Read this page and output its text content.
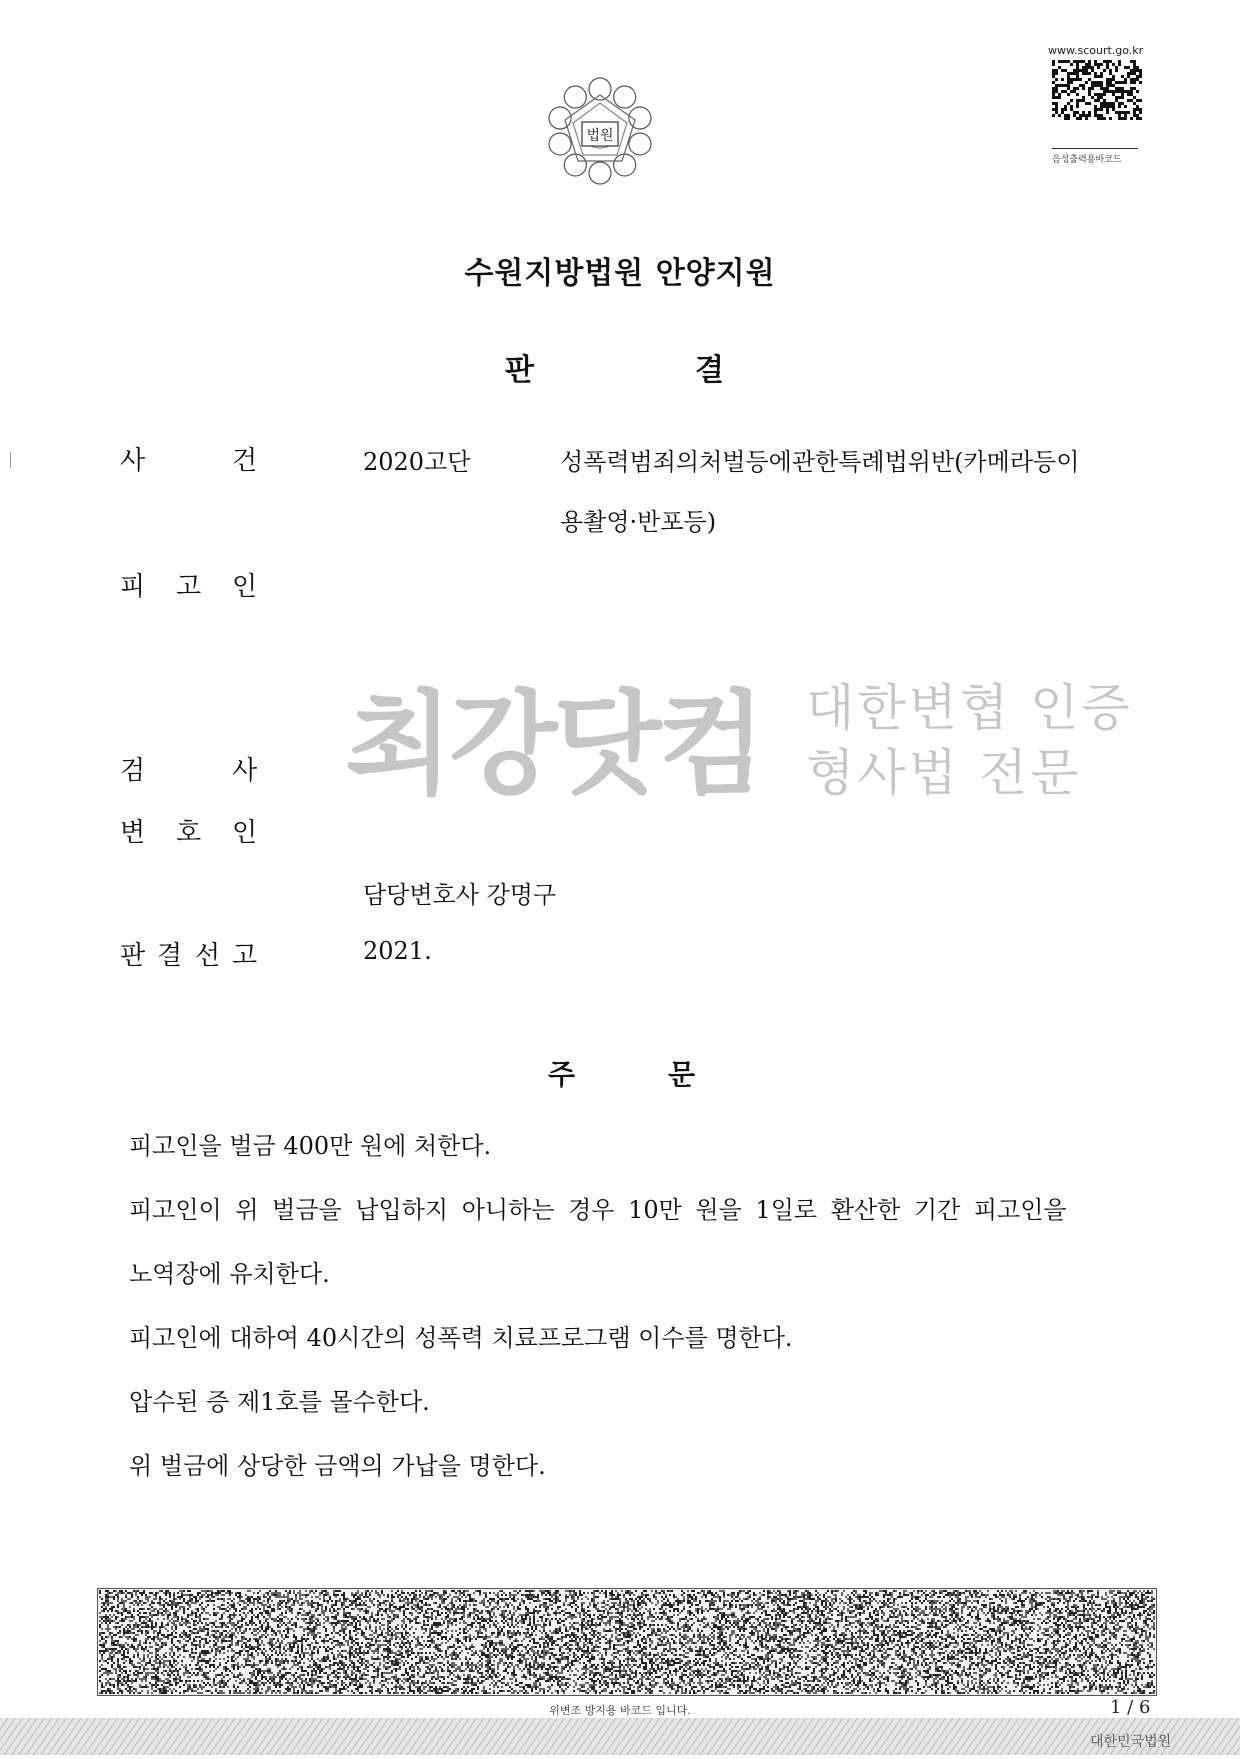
법원
www.scourt.go.kr
음성출력용바코드
수원지방법원 안양지원
판	결
사	건	2020고단	성폭력범죄의처벌등에관한특례법위반(카메라등이
용촬영·반포등)
피 고 인
최강닷컴 대한변협 인증
형사법 전문
검	사
변 호 인
담당변호사 강명구
판 결 선 고	2021.
주	문
피고인을 벌금 400만 원에 처한다.
피고인이 위 벌금을 납입하지 아니하는 경우 10만 원을 1일로 환산한 기간 피고인을
노역장에 유치한다.
피고인에 대하여 40시간의 성폭력 치료프로그램 이수를 명한다.
압수된 증 제1호를 몰수한다.
위 벌금에 상당한 금액의 가납을 명한다.
위변조 방지용 바코드 입니다.	1 / 6
대한민국법원
